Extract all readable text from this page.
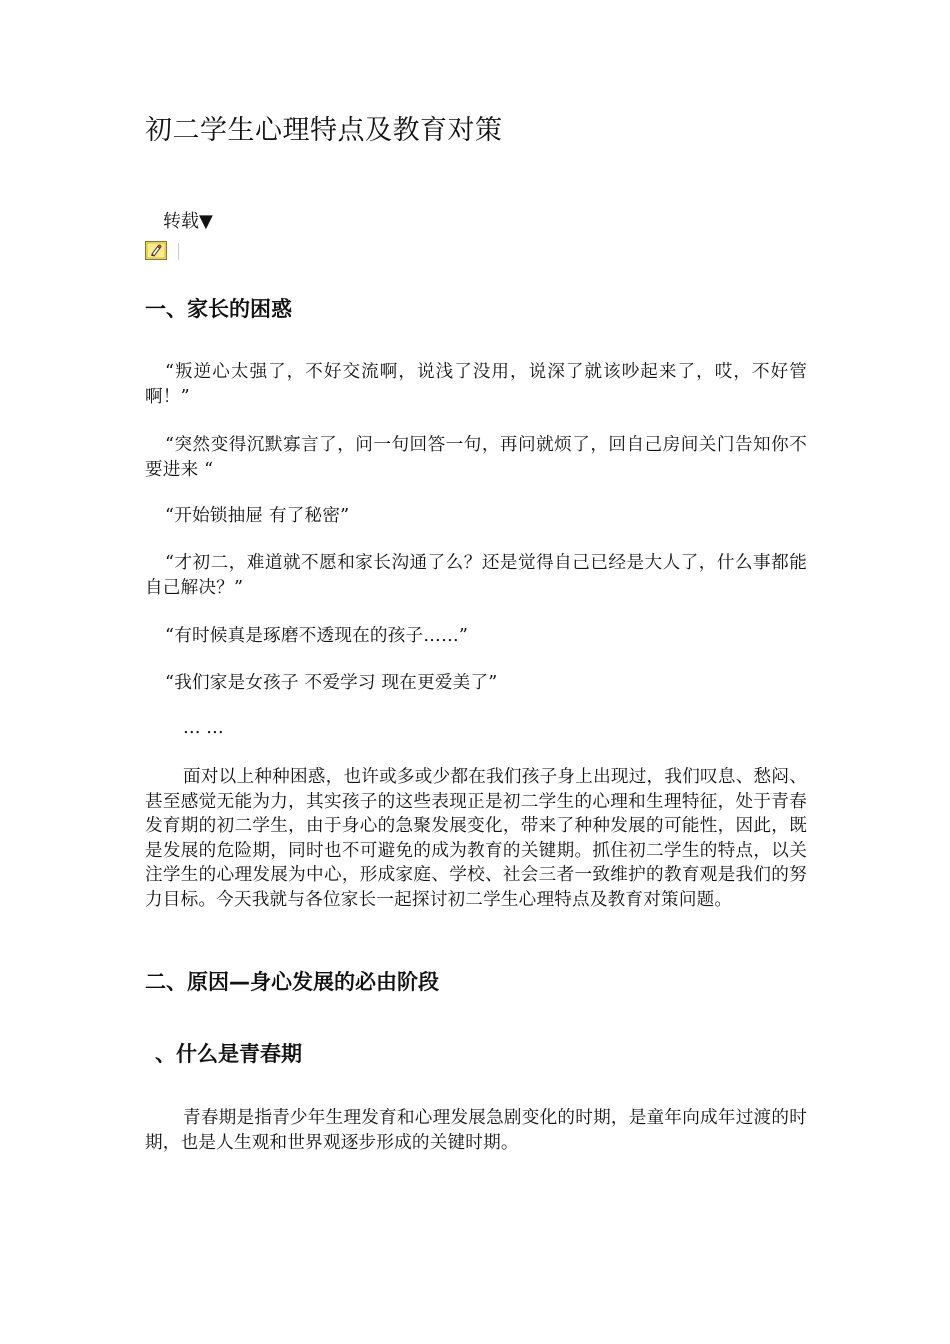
初二学生心理特点及教育对策
转载▼
一、家长的困惑
“叛逆心太强了，不好交流啊，说浅了没用，说深了就该吵起来了，哎，不好管啊！”
“突然变得沉默寡言了，问一句回答一句，再问就烦了，回自己房间关门告知你不要进来 “
“开始锁抽屉 有了秘密”
“才初二，难道就不愿和家长沟通了么？还是觉得自己已经是大人了，什么事都能自己解决？”
“有时候真是琢磨不透现在的孩子……”
“我们家是女孩子 不爱学习 现在更爱美了”
… …
面对以上种种困惑，也许或多或少都在我们孩子身上出现过，我们叹息、愁闷、甚至感觉无能为力，其实孩子的这些表现正是初二学生的心理和生理特征，处于青春发育期的初二学生，由于身心的急聚发展变化，带来了种种发展的可能性，因此，既是发展的危险期，同时也不可避免的成为教育的关键期。抓住初二学生的特点，以关注学生的心理发展为中心，形成家庭、学校、社会三者一致维护的教育观是我们的努力目标。今天我就与各位家长一起探讨初二学生心理特点及教育对策问题。
二、原因—身心发展的必由阶段
、什么是青春期
青春期是指青少年生理发育和心理发展急剧变化的时期，是童年向成年过渡的时期，也是人生观和世界观逐步形成的关键时期。
